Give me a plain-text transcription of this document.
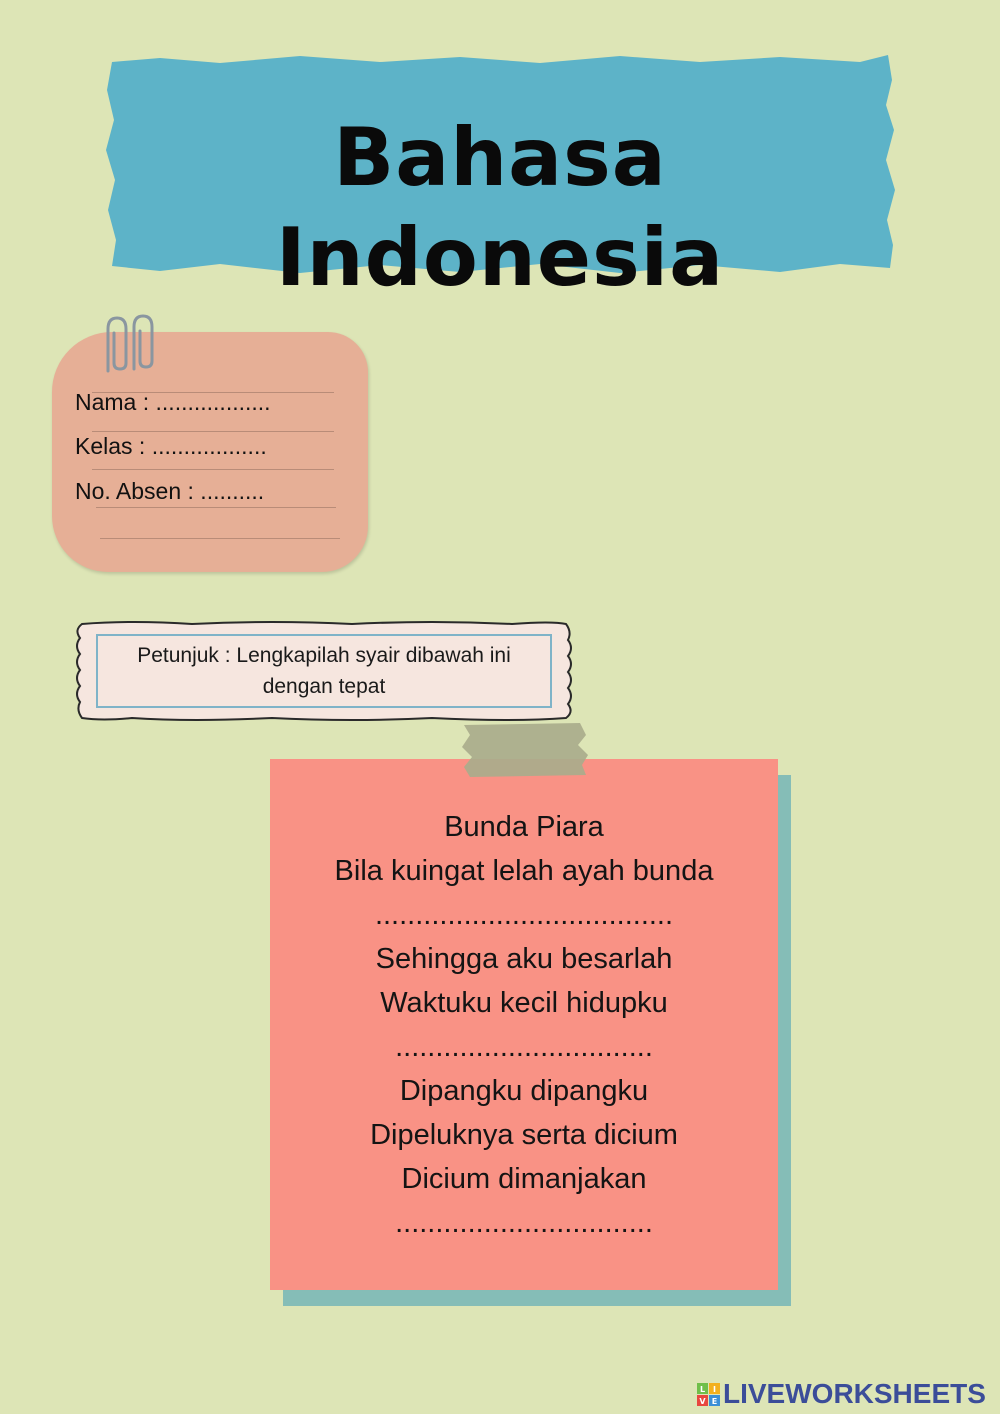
Bahasa Indonesia
Nama : ..................
Kelas : ..................
No. Absen : ..........
Petunjuk : Lengkapilah syair dibawah ini dengan tepat
Bunda Piara
Bila kuingat lelah ayah bunda
.....................................
Sehingga aku besarlah
Waktuku kecil hidupku
................................
Dipangku dipangku
Dipeluknya serta dicium
Dicium dimanjakan
................................
L I
V E LIVEWORKSHEETS
